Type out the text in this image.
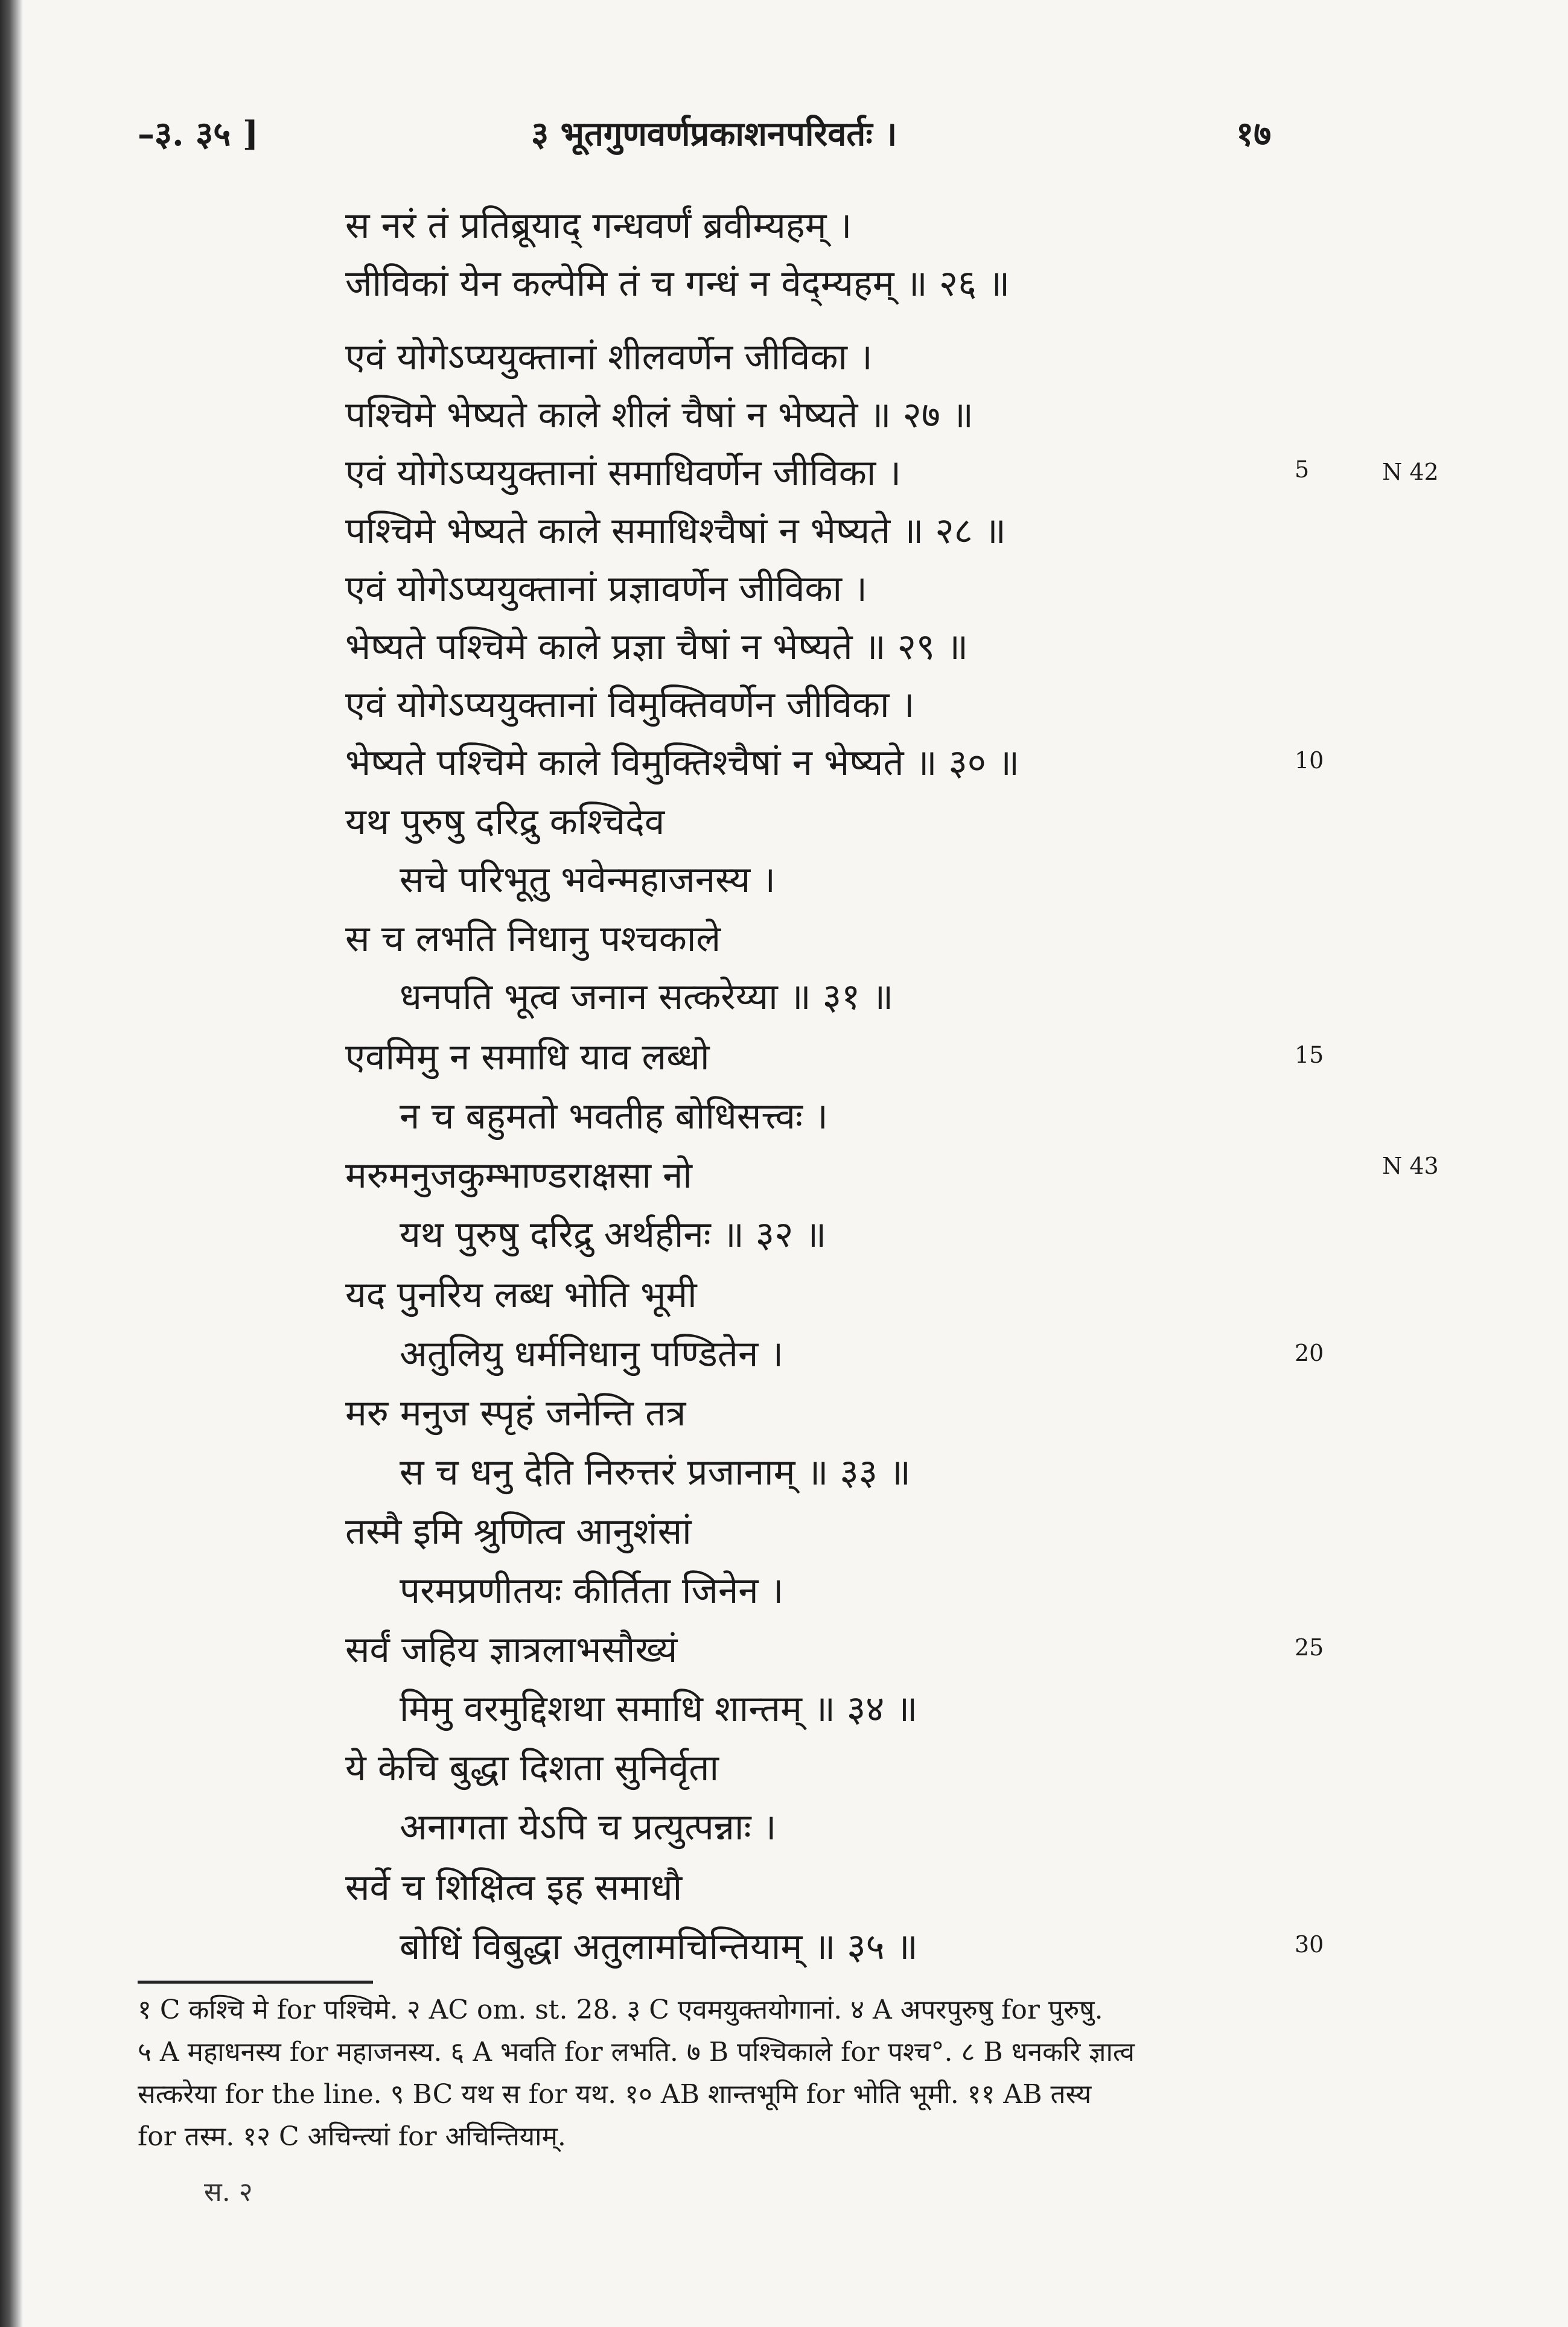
–३. ३५ ]	३ भूतगुणवर्णप्रकाशनपरिवर्तः ।	१७
स नरं तं प्रतिब्रूयाद् गन्धवर्णं ब्रवीम्यहम् ।
जीविकां येन कल्पेमि तं च गन्धं न वेद्म्यहम् ॥ २६ ॥
एवं योगेऽप्ययुक्तानां शीलवर्णेन जीविका ।
पश्चिमे भेष्यते काले शीलं चैषां न भेष्यते ॥ २७ ॥
एवं योगेऽप्ययुक्तानां समाधिवर्णेन जीविका ।
पश्चिमे भेष्यते काले समाधिश्चैषां न भेष्यते ॥ २८ ॥
एवं योगेऽप्ययुक्तानां प्रज्ञावर्णेन जीविका ।
भेष्यते पश्चिमे काले प्रज्ञा चैषां न भेष्यते ॥ २९ ॥
एवं योगेऽप्ययुक्तानां विमुक्तिवर्णेन जीविका ।
भेष्यते पश्चिमे काले विमुक्तिश्चैषां न भेष्यते ॥ ३० ॥
यथ पुरुषु दरिद्रु कश्चिदेव
सचे परिभूतु भवेन्महाजनस्य ।
स च लभति निधानु पश्चकाले
धनपति भूत्व जनान सत्करेय्या ॥ ३१ ॥
एवमिमु न समाधि याव लब्धो
न च बहुमतो भवतीह बोधिसत्त्वः ।
मरुमनुजकुम्भाण्डराक्षसा नो
यथ पुरुषु दरिद्रु अर्थहीनः ॥ ३२ ॥
यद पुनरिय लब्ध भोति भूमी
अतुलियु धर्मनिधानु पण्डितेन ।
मरु मनुज स्पृहं जनेन्ति तत्र
स च धनु देति निरुत्तरं प्रजानाम् ॥ ३३ ॥
तस्मै इमि श्रुणित्व आनुशंसां
परमप्रणीतयः कीर्तिता जिनेन ।
सर्वं जहिय ज्ञात्रलाभसौख्यं
मिमु वरमुद्दिशथा समाधि शान्तम् ॥ ३४ ॥
ये केचि बुद्धा दिशता सुनिर्वृता
अनागता येऽपि च प्रत्युत्पन्नाः ।
सर्वे च शिक्षित्व इह समाधौ
बोधिं विबुद्धा अतुलामचिन्तियाम् ॥ ३५ ॥
5
10
15
20
25
30
N 42
N 43
१ C कश्चि मे for पश्चिमे. २ AC om. st. 28. ३ C एवमयुक्तयोगानां. ४ A अपरपुरुषु for पुरुषु.
५ A महाधनस्य for महाजनस्य. ६ A भवति for लभति. ७ B पश्चिकाले for पश्च°. ८ B धनकरि ज्ञात्व
सत्करेया for the line. ९ BC यथ स for यथ. १० AB शान्तभूमि for भोति भूमी. ११ AB तस्य
for तस्म. १२ C अचिन्त्यां for अचिन्तियाम्.
स. २
